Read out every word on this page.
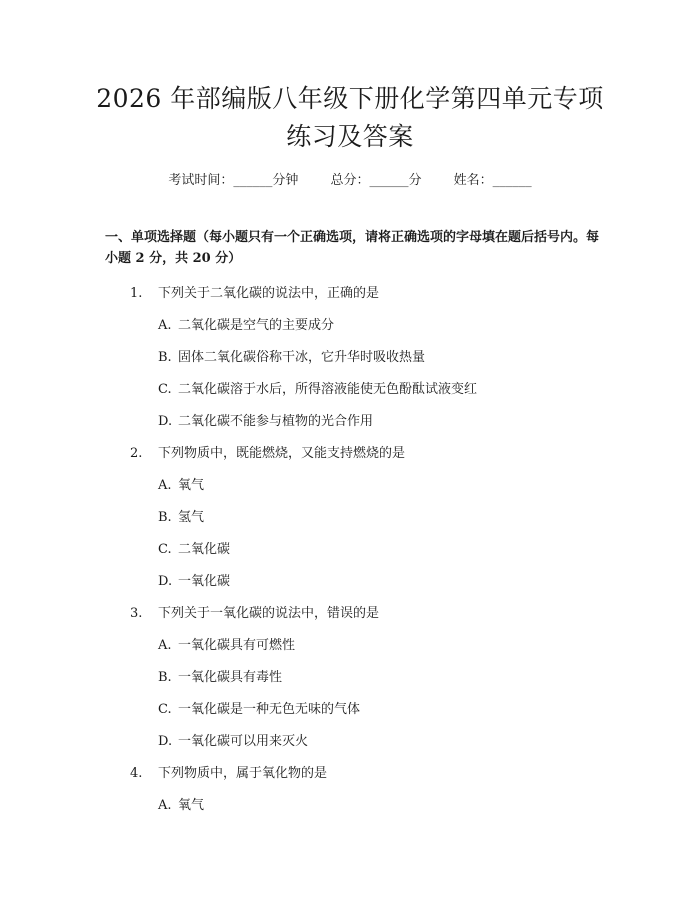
2026 年部编版八年级下册化学第四单元专项
练习及答案
考试时间：______分钟 总分：______分 姓名：______
一、单项选择题（每小题只有一个正确选项，请将正确选项的字母填在题后括号内。每小题 2 分，共 20 分）
1. 下列关于二氧化碳的说法中，正确的是
A. 二氧化碳是空气的主要成分
B. 固体二氧化碳俗称干冰，它升华时吸收热量
C. 二氧化碳溶于水后，所得溶液能使无色酚酞试液变红
D. 二氧化碳不能参与植物的光合作用
2. 下列物质中，既能燃烧，又能支持燃烧的是
A. 氧气
B. 氢气
C. 二氧化碳
D. 一氧化碳
3. 下列关于一氧化碳的说法中，错误的是
A. 一氧化碳具有可燃性
B. 一氧化碳具有毒性
C. 一氧化碳是一种无色无味的气体
D. 一氧化碳可以用来灭火
4. 下列物质中，属于氧化物的是
A. 氧气
